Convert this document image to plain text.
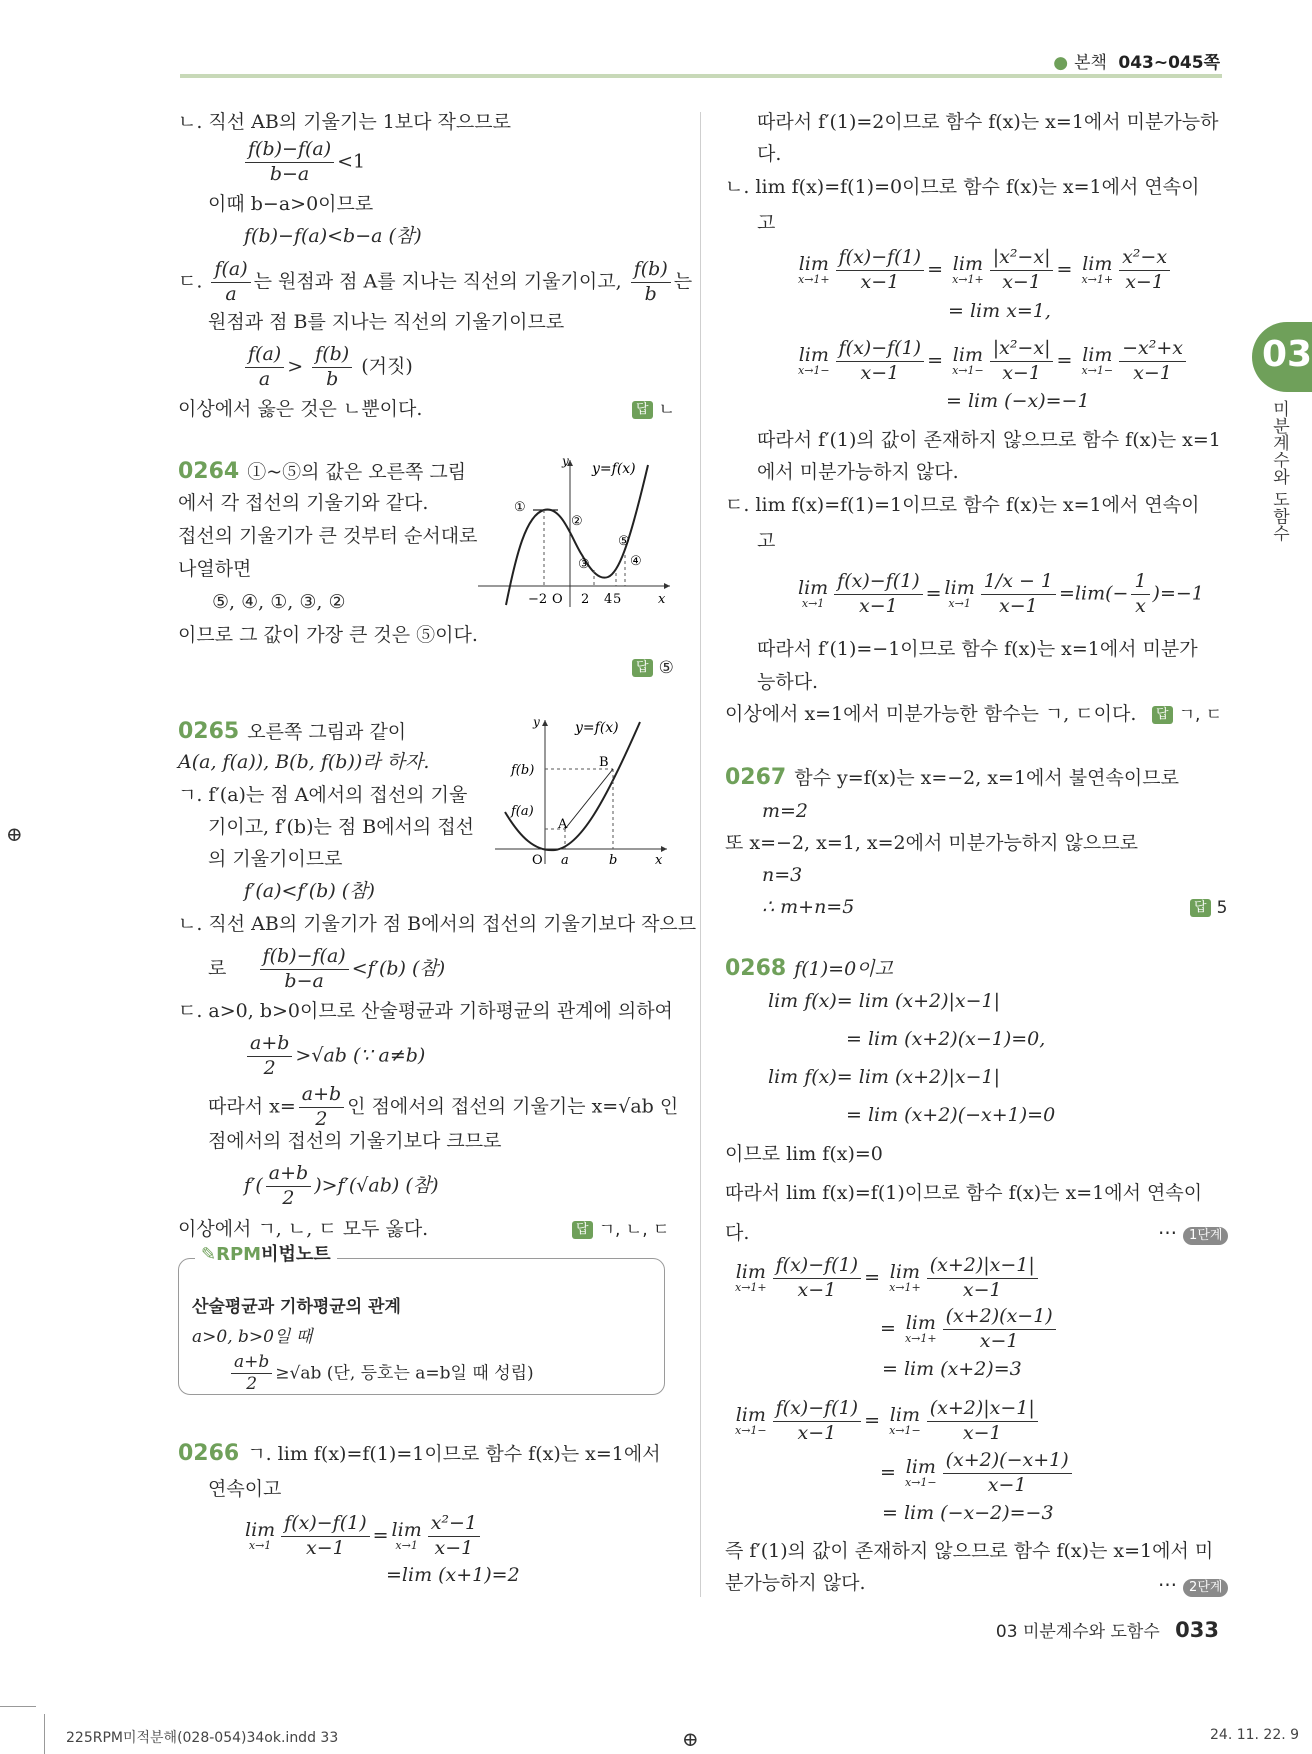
● 본책 043~045쪽
03
미분계수와 도함수
ㄴ. 직선 AB의 기울기는 1보다 작으므로
$\frac{f(b)-f(a)}{b-a} <1$
이때 b−a>0이므로
f(b)−f(a)<b−a (참)
ㄷ. $\frac{f(a)}{a}$ 는 원점과 점 A를 지나는 직선의 기울기이고, $\frac{f(b)}{b}$ 는
원점과 점 B를 지나는 직선의 기울기이므로
$\frac{f(a)}{a} > \frac{f(b)}{b}$ (거짓)
이상에서 옳은 것은 ㄴ뿐이다.	답 ㄴ
0264 ①~⑤의 값은 오른쪽 그림
에서 각 접선의 기울기와 같다.
접선의 기울기가 큰 것부터 순서대로
나열하면
⑤, ④, ①, ③, ②
이므로 그 값이 가장 큰 것은 ⑤이다.
답 ⑤
y y=f(x)
x
①
②
③	④
⑤
−2 O 2 4 5
0265 오른쪽 그림과 같이
A(a, f(a)), B(b, f(b))라 하자.
ㄱ. f′(a)는 점 A에서의 접선의 기울
기이고, f′(b)는 점 B에서의 접선
의 기울기이므로
f′(a)<f′(b) (참)
ㄴ. 직선 AB의 기울기가 점 B에서의 접선의 기울기보다 작으므
로 $\frac{f(b)-f(a)}{b-a} <f'(b)$ (참)
ㄷ. a>0, b>0이므로 산술평균과 기하평균의 관계에 의하여
$\frac{a+b}{2} >√ab$ (∵ a≠b)
따라서 $x= \frac{a+b}{2}$ 인 점에서의 접선의 기울기는 x=√ab 인
점에서의 접선의 기울기보다 크므로
$f'( \frac{a+b}{2} )>f'(√ab)$ (참)
이상에서 ㄱ, ㄴ, ㄷ 모두 옳다.	답 ㄱ, ㄴ, ㄷ
y	y=f(x)
x
f(b)
f(a)
B
A
O a	b
✎RPM비법노트
산술평균과 기하평균의 관계
a>0, b>0일 때
$\frac{a+b}{2} \ge√ab$ (단, 등호는 a=b일 때 성립)
0266 ㄱ. lim f(x)=f(1)=1이므로 함수 f(x)는 x=1에서
연속이고
lim
$x\to 1 \frac{f(x)-f(1)}{x-1} = \lim$
$x\to 1 \frac{\text{x²−1}}{x-1}$
=lim (x+1)=2
따라서 f′(1)=2이므로 함수 f(x)는 x=1에서 미분가능하
다.
ㄴ. lim f(x)=f(1)=0이므로 함수 f(x)는 x=1에서 연속이
고
lim
$x\to 1+ \frac{f(x)-f(1)}{x-1} = \lim$
$x\to 1+ \frac{\text{|x²−x|}}{x-1} = \lim$
$x\to 1+ \frac{\text{x²−x}}{x-1}$
= lim x=1,
lim
$x\to 1- \frac{f(x)-f(1)}{x-1} = \lim$
$x\to 1- \frac{\text{|x²−x|}}{x-1} = \lim$
$x\to 1- \frac{\text{−x²+x}}{x-1}$
= lim (−x)=−1
따라서 f′(1)의 값이 존재하지 않으므로 함수 f(x)는 x=1
에서 미분가능하지 않다.
ㄷ. lim f(x)=f(1)=1이므로 함수 f(x)는 x=1에서 연속이
고
lim
$x\to 1 \frac{f(x)-f(1)}{x-1} = \lim$
$x\to 1 \frac{1/x - 1}{x-1} =\lim(- \frac{1}{x} )=-1$
따라서 f′(1)=−1이므로 함수 f(x)는 x=1에서 미분가
능하다.
이상에서 x=1에서 미분가능한 함수는 ㄱ, ㄷ이다.	답 ㄱ, ㄷ
0267 함수 y=f(x)는 x=−2, x=1에서 불연속이므로
m=2
또 x=−2, x=1, x=2에서 미분가능하지 않으므로
n=3
∴ m+n=5	답 5
0268 f(1)=0이고
lim f(x)= lim (x+2)|x−1|
= lim (x+2)(x−1)=0,
lim f(x)= lim (x+2)|x−1|
= lim (x+2)(−x+1)=0
이므로 lim f(x)=0
따라서 lim f(x)=f(1)이므로 함수 f(x)는 x=1에서 연속이
다.	⋯ 1단계
lim
$x\to 1+ \frac{f(x)-f(1)}{x-1} = \lim$
$x\to 1+ \frac{(x+2)|x-1|}{x-1}$
= lim
$x\to 1+ \frac{(x+2)(x-1)}{x-1}$
= lim (x+2)=3
lim
$x\to 1- \frac{f(x)-f(1)}{x-1} = \lim$
$x\to 1- \frac{(x+2)|x-1|}{x-1}$
= lim
$x\to 1- \frac{(x+2)(-x+1)}{x-1}$
= lim (−x−2)=−3
즉 f′(1)의 값이 존재하지 않으므로 함수 f(x)는 x=1에서 미
분가능하지 않다.	⋯ 2단계
03 미분계수와 도함수 033
225RPM미적분해(028-054)34ok.indd 33	24. 11. 22. 9
⊕
⊕
